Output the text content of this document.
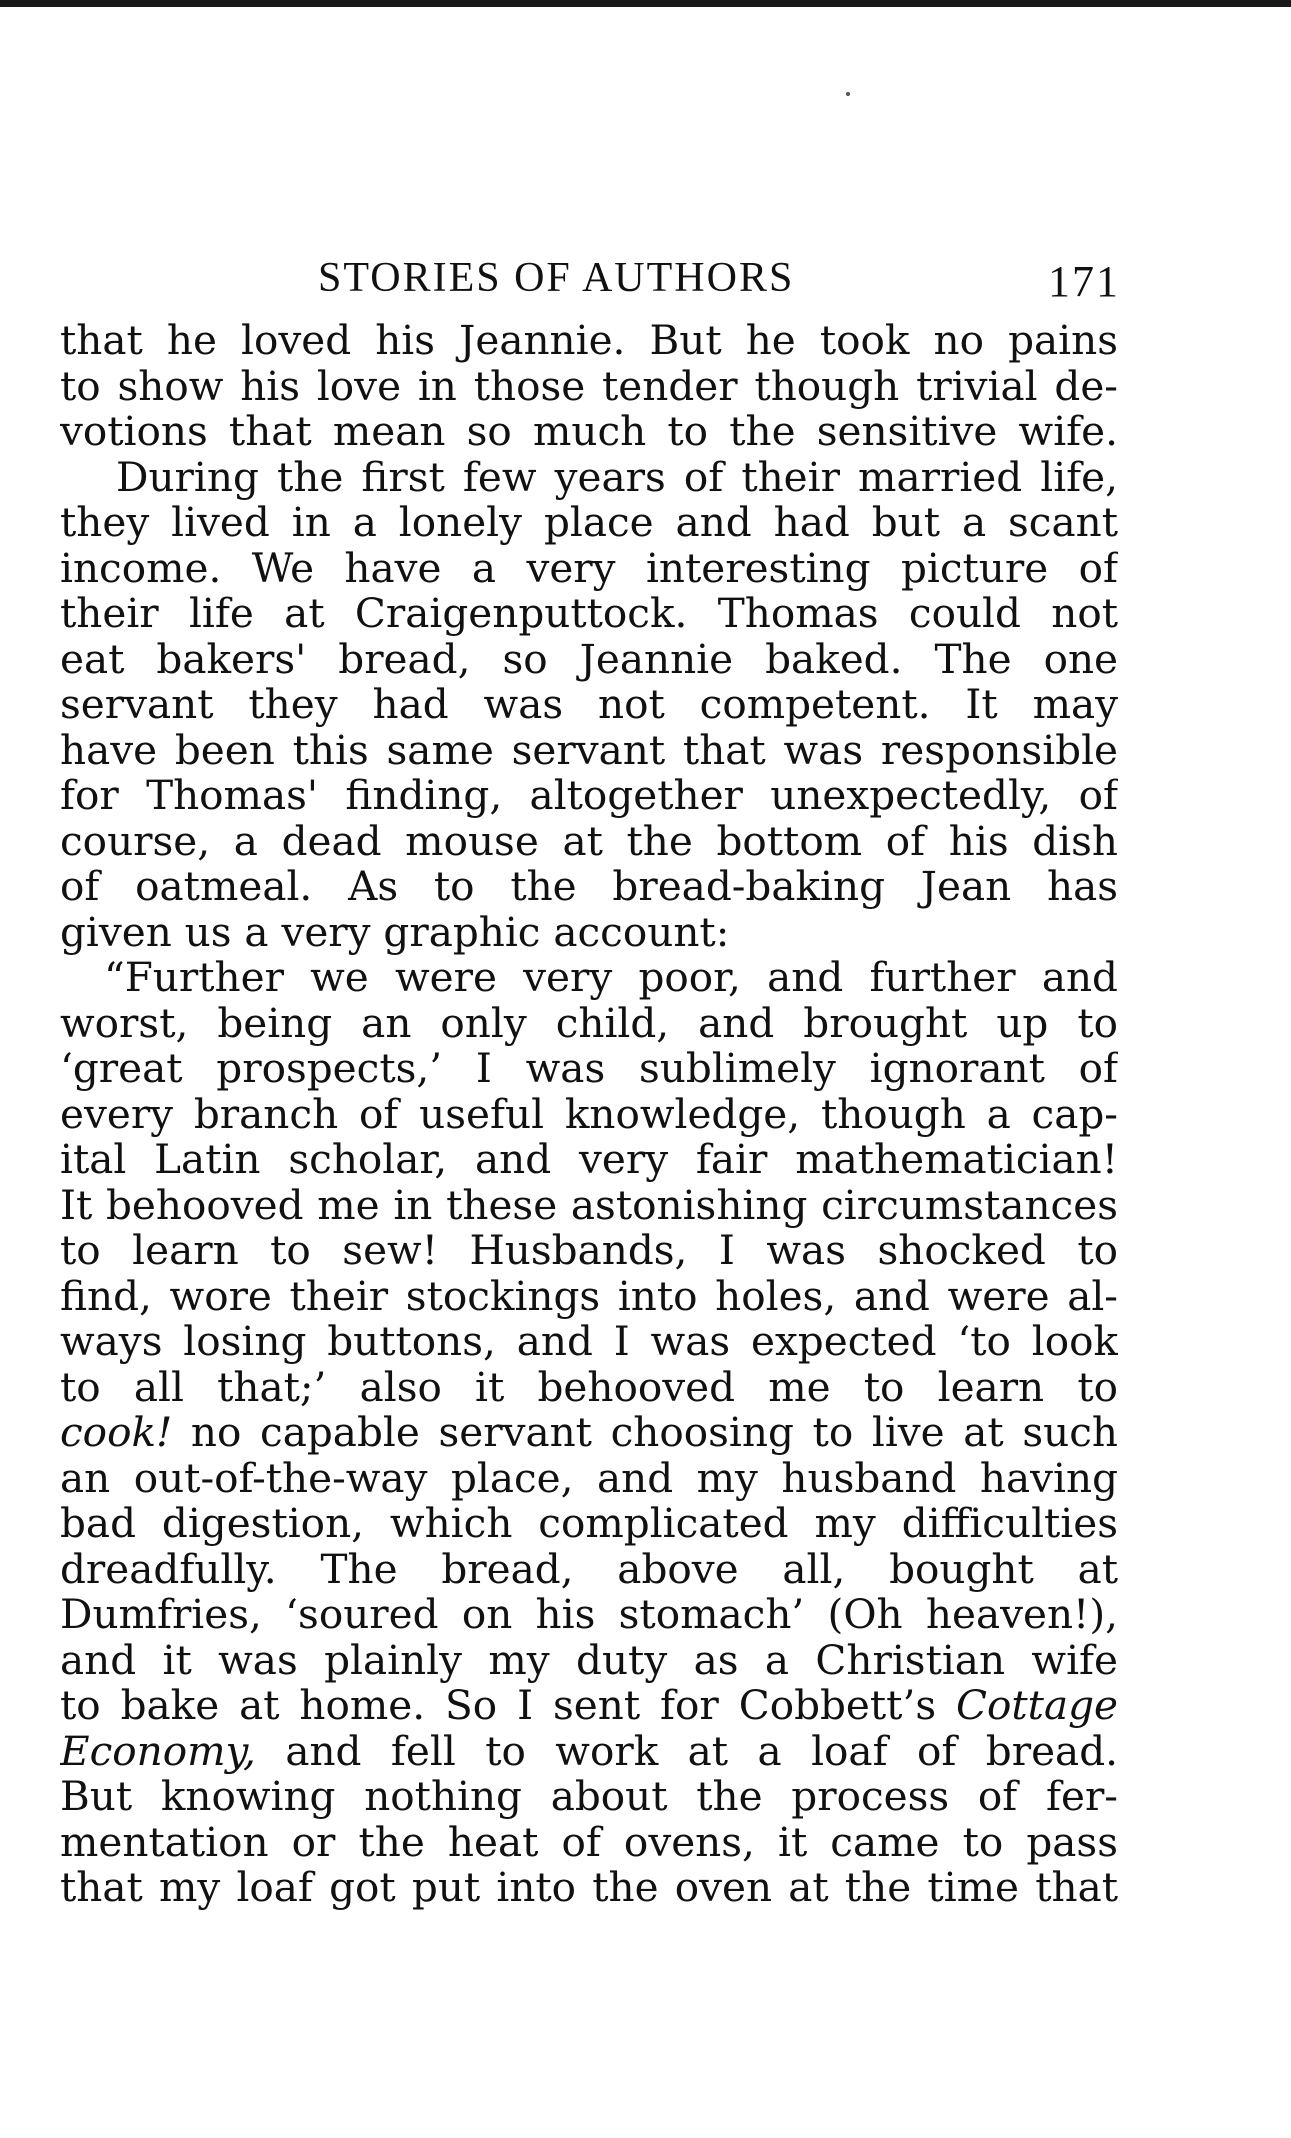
STORIES OF AUTHORS	171
that he loved his Jeannie. But he took no pains
to show his love in those tender though trivial de-
votions that mean so much to the sensitive wife.
During the first few years of their married life,
they lived in a lonely place and had but a scant
income. We have a very interesting picture of
their life at Craigenputtock. Thomas could not
eat bakers' bread, so Jeannie baked. The one
servant they had was not competent. It may
have been this same servant that was responsible
for Thomas' finding, altogether unexpectedly, of
course, a dead mouse at the bottom of his dish
of oatmeal. As to the bread-baking Jean has
given us a very graphic account:
“Further we were very poor, and further and
worst, being an only child, and brought up to
‘great prospects,’ I was sublimely ignorant of
every branch of useful knowledge, though a cap-
ital Latin scholar, and very fair mathematician!
It behooved me in these astonishing circumstances
to learn to sew! Husbands, I was shocked to
find, wore their stockings into holes, and were al-
ways losing buttons, and I was expected ‘to look
to all that;’ also it behooved me to learn to
cook! no capable servant choosing to live at such
an out-of-the-way place, and my husband having
bad digestion, which complicated my difficulties
dreadfully. The bread, above all, bought at
Dumfries, ‘soured on his stomach’ (Oh heaven!),
and it was plainly my duty as a Christian wife
to bake at home. So I sent for Cobbett’s Cottage
Economy, and fell to work at a loaf of bread.
But knowing nothing about the process of fer-
mentation or the heat of ovens, it came to pass
that my loaf got put into the oven at the time that
